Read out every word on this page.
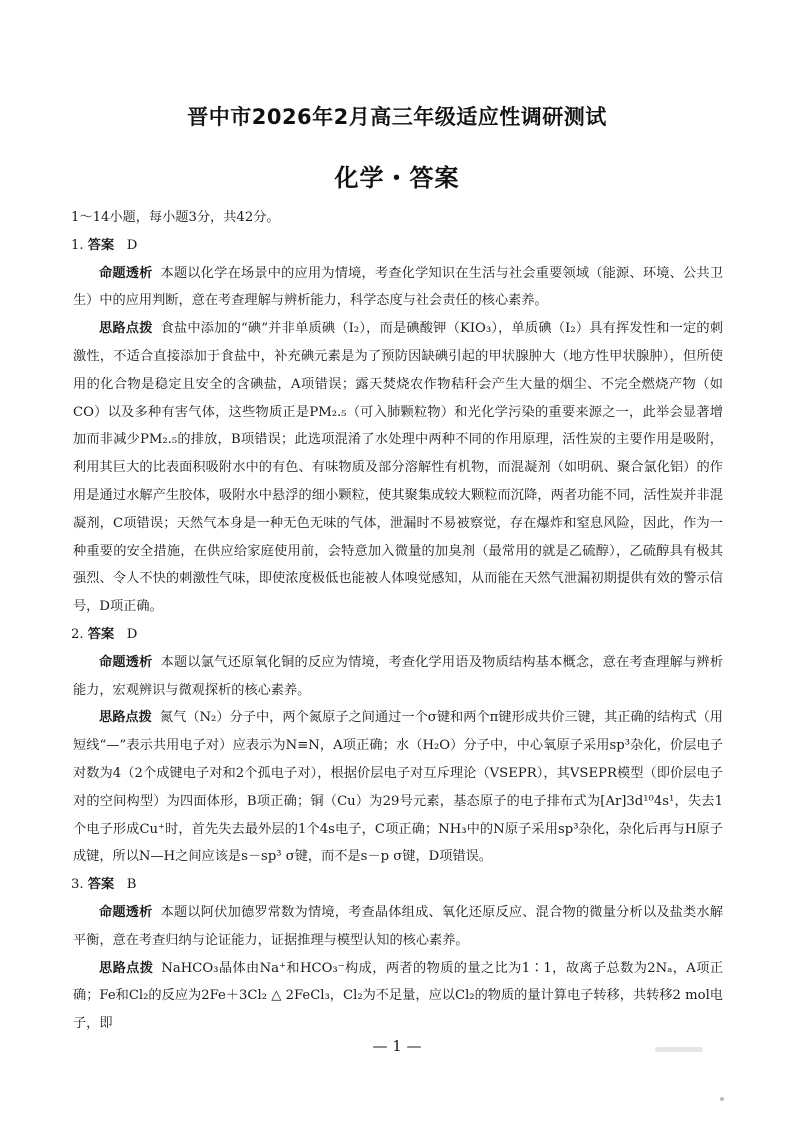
晋中市2026年2月高三年级适应性调研测试
化学・答案
1～14小题，每小题3分，共42分。
1. 答案 D

命题透析 本题以化学在场景中的应用为情境，考查化学知识在生活与社会重要领域（能源、环境、公共卫生）中的应用判断，意在考查理解与辨析能力，科学态度与社会责任的核心素养。

思路点拨 食盐中添加的“碘”并非单质碘（I₂），而是碘酸钾（KIO₃），单质碘（I₂）具有挥发性和一定的刺激性，不适合直接添加于食盐中，补充碘元素是为了预防因缺碘引起的甲状腺肿大（地方性甲状腺肿），但所使用的化合物是稳定且安全的含碘盐，A项错误；露天焚烧农作物秸秆会产生大量的烟尘、不完全燃烧产物（如CO）以及多种有害气体，这些物质正是PM₂.₅（可入肺颗粒物）和光化学污染的重要来源之一，此举会显著增加而非减少PM₂.₅的排放，B项错误；此选项混淆了水处理中两种不同的作用原理，活性炭的主要作用是吸附，利用其巨大的比表面积吸附水中的有色、有味物质及部分溶解性有机物，而混凝剂（如明矾、聚合氯化铝）的作用是通过水解产生胶体，吸附水中悬浮的细小颗粒，使其聚集成较大颗粒而沉降，两者功能不同，活性炭并非混凝剂，C项错误；天然气本身是一种无色无味的气体，泄漏时不易被察觉，存在爆炸和窒息风险，因此，作为一种重要的安全措施，在供应给家庭使用前，会特意加入微量的加臭剂（最常用的就是乙硫醇），乙硫醇具有极其强烈、令人不快的刺激性气味，即使浓度极低也能被人体嗅觉感知，从而能在天然气泄漏初期提供有效的警示信号，D项正确。

2. 答案 D

命题透析 本题以氯气还原氧化铜的反应为情境，考查化学用语及物质结构基本概念，意在考查理解与辨析能力，宏观辨识与微观探析的核心素养。

思路点拨 氮气（N₂）分子中，两个氮原子之间通过一个σ键和两个π键形成共价三键，其正确的结构式（用短线“—”表示共用电子对）应表示为N≡N，A项正确；水（H₂O）分子中，中心氧原子采用sp³杂化，价层电子对数为4（2个成键电子对和2个孤电子对），根据价层电子对互斥理论（VSEPR），其VSEPR模型（即价层电子对的空间构型）为四面体形，B项正确；铜（Cu）为29号元素，基态原子的电子排布式为[Ar]3d¹⁰4s¹，失去1个电子形成Cu⁺时，首先失去最外层的1个4s电子，C项正确；NH₃中的N原子采用sp³杂化，杂化后再与H原子成键，所以N—H之间应该是s－sp³ σ键，而不是s－p σ键，D项错误。

3. 答案 B

命题透析 本题以阿伏加德罗常数为情境，考查晶体组成、氧化还原反应、混合物的微量分析以及盐类水解平衡，意在考查归纳与论证能力，证据推理与模型认知的核心素养。

思路点拨 NaHCO₃晶体由Na⁺和HCO₃⁻构成，两者的物质的量之比为1∶1，故离子总数为2Nₐ，A项正确；Fe和Cl₂的反应为2Fe＋3Cl₂ △ 2FeCl₃，Cl₂为不足量，应以Cl₂的物质的量计算电子转移，共转移2 mol电子，即

— 1 —
